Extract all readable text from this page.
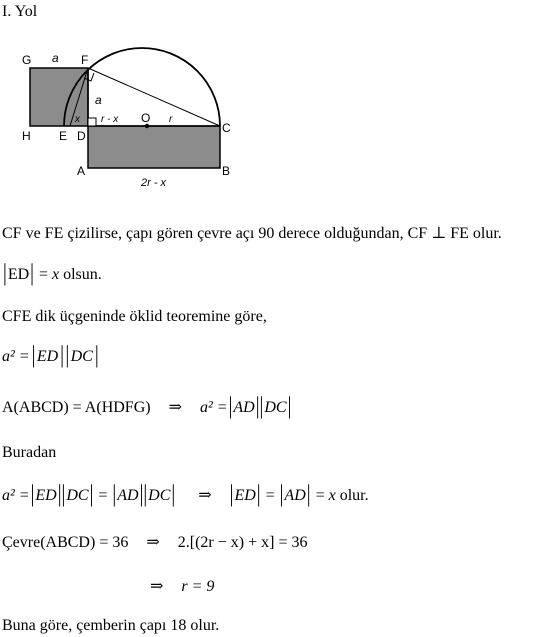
I. Yol
G a F
a
x r - x O r
C
H E D
A	B
2r - x
CF ve FE çizilirse, çapı gören çevre açı 90 derece olduğundan, CF ⊥ FE olur.
|ED| = x olsun.
CFE dik üçgeninde öklid teoremine göre,
a² =|ED||DC|
A(ABCD) = A(HDFG) ⇒ a² =|AD||DC|
Buradan
a² =|ED||DC| = |AD||DC| ⇒ |ED| = |AD| = x olur.
Çevre(ABCD) = 36 ⇒ 2.[(2r − x) + x] = 36
⇒ r = 9
Buna göre, çemberin çapı 18 olur.
